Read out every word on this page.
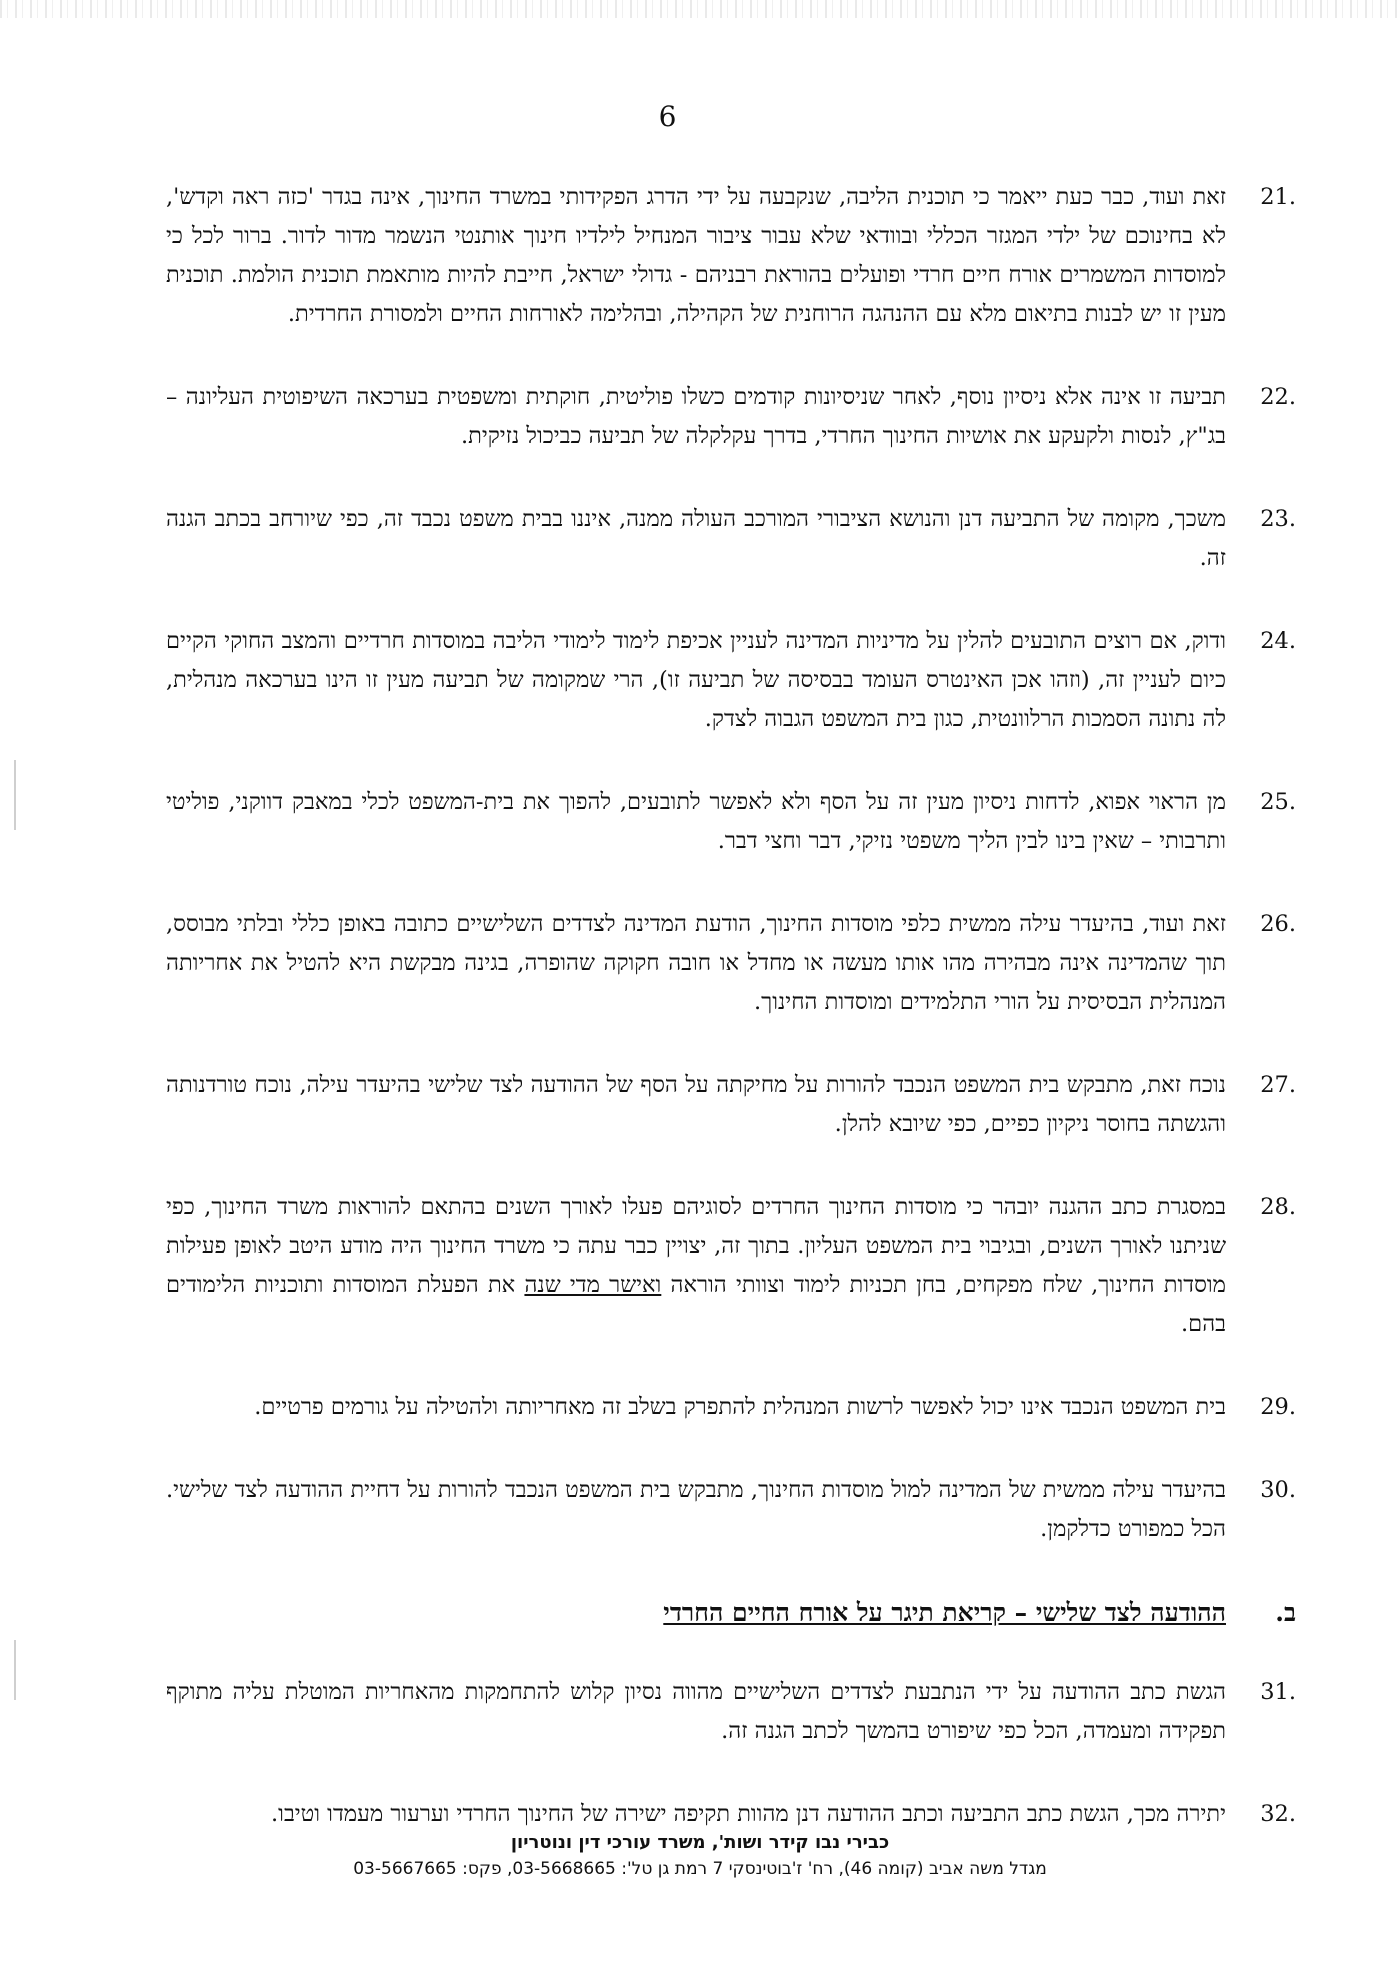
6
21.
זאת ועוד, כבר כעת ייאמר כי תוכנית הליבה, שנקבעה על ידי הדרג הפקידותי במשרד החינוך, אינה בגדר 'כזה ראה וקדש', לא בחינוכם של ילדי המגזר הכללי ובוודאי שלא עבור ציבור המנחיל לילדיו חינוך אותנטי הנשמר מדור לדור. ברור לכל כי למוסדות המשמרים אורח חיים חרדי ופועלים בהוראת רבניהם - גדולי ישראל, חייבת להיות מותאמת תוכנית הולמת. תוכנית מעין זו יש לבנות בתיאום מלא עם ההנהגה הרוחנית של הקהילה, ובהלימה לאורחות החיים ולמסורת החרדית.
22.
תביעה זו אינה אלא ניסיון נוסף, לאחר שניסיונות קודמים כשלו פוליטית, חוקתית ומשפטית בערכאה השיפוטית העליונה – בג"ץ, לנסות ולקעקע את אושיות החינוך החרדי, בדרך עקלקלה של תביעה כביכול נזיקית.
23.
משכך, מקומה של התביעה דנן והנושא הציבורי המורכב העולה ממנה, איננו בבית משפט נכבד זה, כפי שיורחב בכתב הגנה זה.
24.
ודוק, אם רוצים התובעים להלין על מדיניות המדינה לעניין אכיפת לימוד לימודי הליבה במוסדות חרדיים והמצב החוקי הקיים כיום לעניין זה, (וזהו אכן האינטרס העומד בבסיסה של תביעה זו), הרי שמקומה של תביעה מעין זו הינו בערכאה מנהלית, לה נתונה הסמכות הרלוונטית, כגון בית המשפט הגבוה לצדק.
25.
מן הראוי אפוא, לדחות ניסיון מעין זה על הסף ולא לאפשר לתובעים, להפוך את בית-המשפט לכלי במאבק דווקני, פוליטי ותרבותי – שאין בינו לבין הליך משפטי נזיקי, דבר וחצי דבר.
26.
זאת ועוד, בהיעדר עילה ממשית כלפי מוסדות החינוך, הודעת המדינה לצדדים השלישיים כתובה באופן כללי ובלתי מבוסס, תוך שהמדינה אינה מבהירה מהו אותו מעשה או מחדל או חובה חקוקה שהופרה, בגינה מבקשת היא להטיל את אחריותה המנהלית הבסיסית על הורי התלמידים ומוסדות החינוך.
27.
נוכח זאת, מתבקש בית המשפט הנכבד להורות על מחיקתה על הסף של ההודעה לצד שלישי בהיעדר עילה, נוכח טורדנותה והגשתה בחוסר ניקיון כפיים, כפי שיובא להלן.
28.
במסגרת כתב ההגנה יובהר כי מוסדות החינוך החרדים לסוגיהם פעלו לאורך השנים בהתאם להוראות משרד החינוך, כפי שניתנו לאורך השנים, ובגיבוי בית המשפט העליון. בתוך זה, יצויין כבר עתה כי משרד החינוך היה מודע היטב לאופן פעילות מוסדות החינוך, שלח מפקחים, בחן תכניות לימוד וצוותי הוראה ואישר מדי שנה את הפעלת המוסדות ותוכניות הלימודים בהם.
29.
בית המשפט הנכבד אינו יכול לאפשר לרשות המנהלית להתפרק בשלב זה מאחריותה ולהטילה על גורמים פרטיים.
30.
בהיעדר עילה ממשית של המדינה למול מוסדות החינוך, מתבקש בית המשפט הנכבד להורות על דחיית ההודעה לצד שלישי. הכל כמפורט כדלקמן.
ב.
ההודעה לצד שלישי – קריאת תיגר על אורח החיים החרדי
31.
הגשת כתב ההודעה על ידי הנתבעת לצדדים השלישיים מהווה נסיון קלוש להתחמקות מהאחריות המוטלת עליה מתוקף תפקידה ומעמדה, הכל כפי שיפורט בהמשך לכתב הגנה זה.
32.
יתירה מכך, הגשת כתב התביעה וכתב ההודעה דנן מהוות תקיפה ישירה של החינוך החרדי וערעור מעמדו וטיבו.
כבירי נבו קידר ושות', משרד עורכי דין ונוטריון
מגדל משה אביב (קומה 46), רח' ז'בוטינסקי 7 רמת גן טל': 03-5668665, פקס: 03-5667665
